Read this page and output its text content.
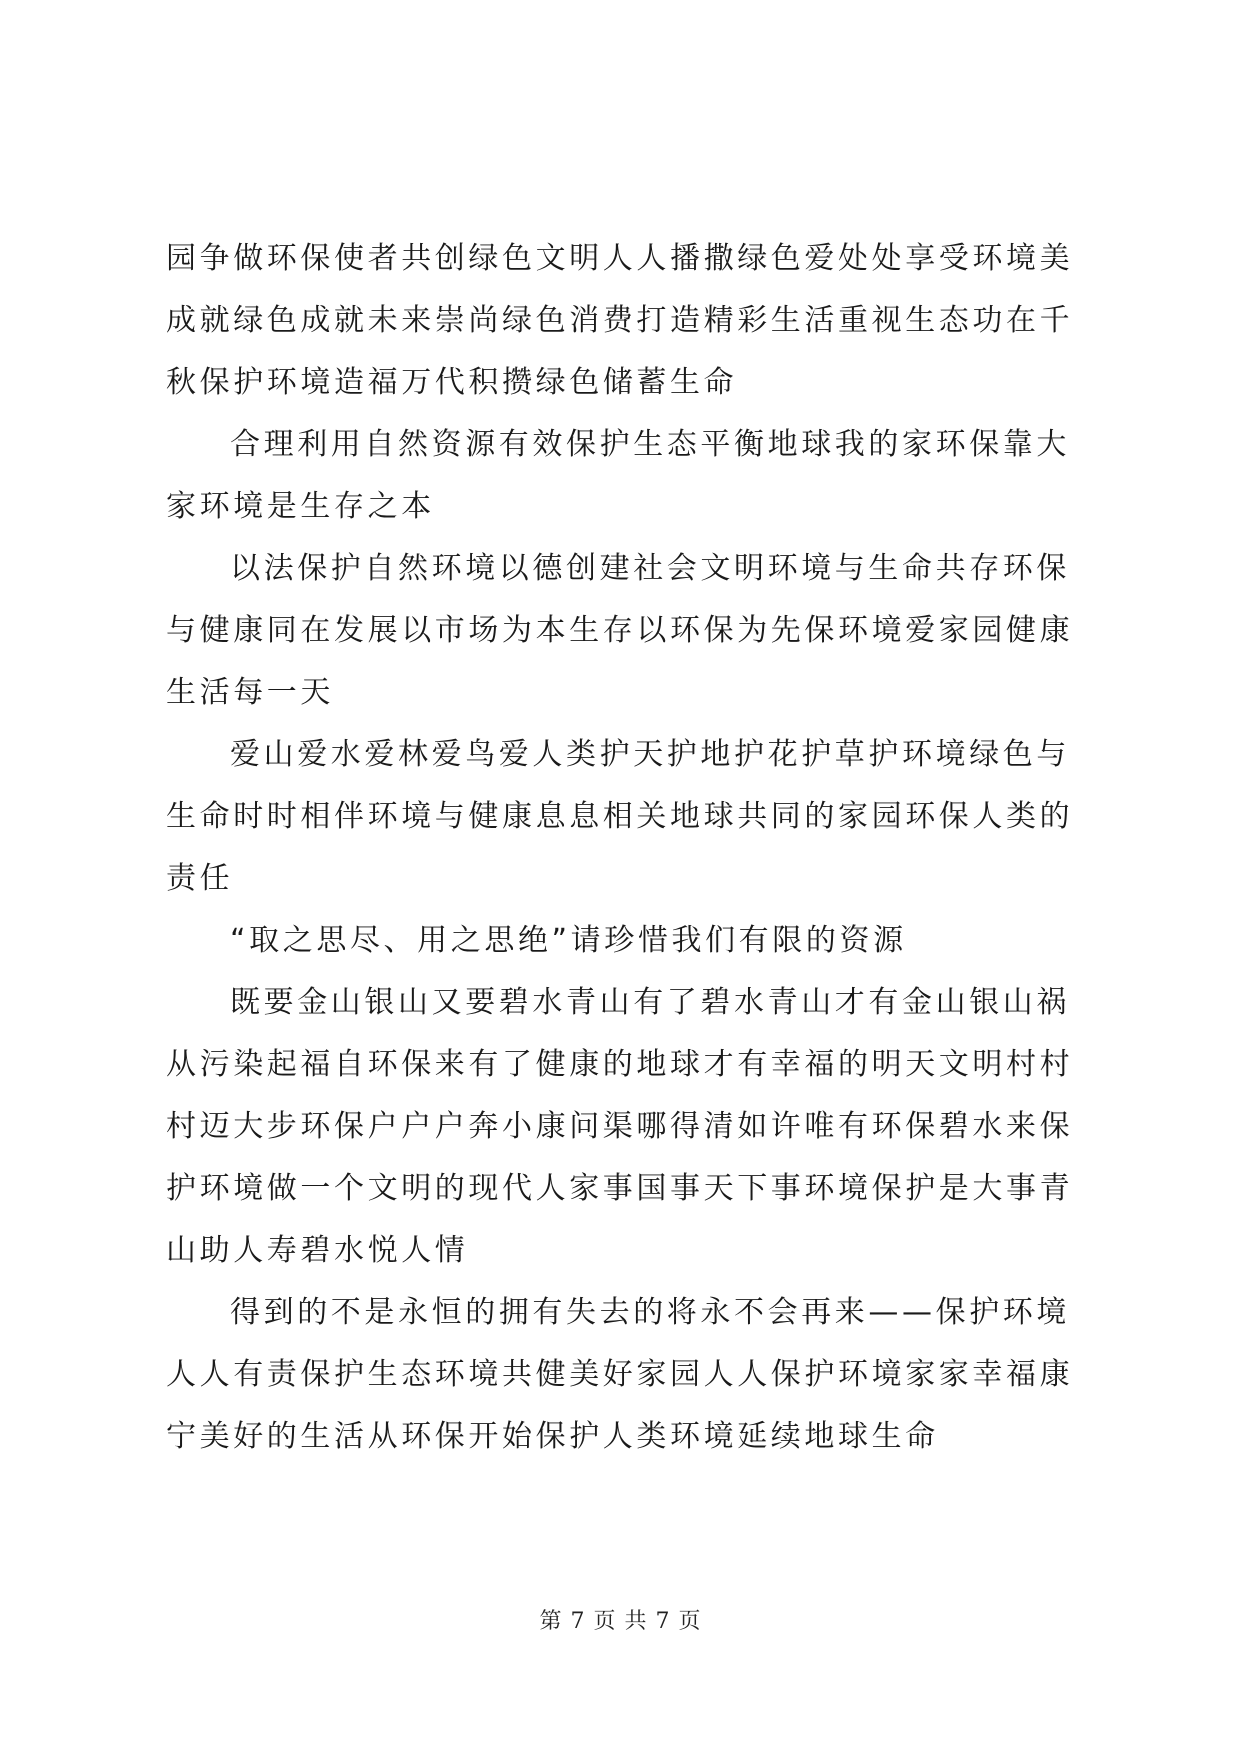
园争做环保使者共创绿色文明人人播撒绿色爱处处享受环境美
成就绿色成就未来崇尚绿色消费打造精彩生活重视生态功在千
秋保护环境造福万代积攒绿色储蓄生命
合理利用自然资源有效保护生态平衡地球我的家环保靠大
家环境是生存之本
以法保护自然环境以德创建社会文明环境与生命共存环保
与健康同在发展以市场为本生存以环保为先保环境爱家园健康
生活每一天
爱山爱水爱林爱鸟爱人类护天护地护花护草护环境绿色与
生命时时相伴环境与健康息息相关地球共同的家园环保人类的
责任
“取之思尽、用之思绝”请珍惜我们有限的资源
既要金山银山又要碧水青山有了碧水青山才有金山银山祸
从污染起福自环保来有了健康的地球才有幸福的明天文明村村
村迈大步环保户户户奔小康问渠哪得清如许唯有环保碧水来保
护环境做一个文明的现代人家事国事天下事环境保护是大事青
山助人寿碧水悦人情
得到的不是永恒的拥有失去的将永不会再来——保护环境
人人有责保护生态环境共健美好家园人人保护环境家家幸福康
宁美好的生活从环保开始保护人类环境延续地球生命
第 7 页 共 7 页
